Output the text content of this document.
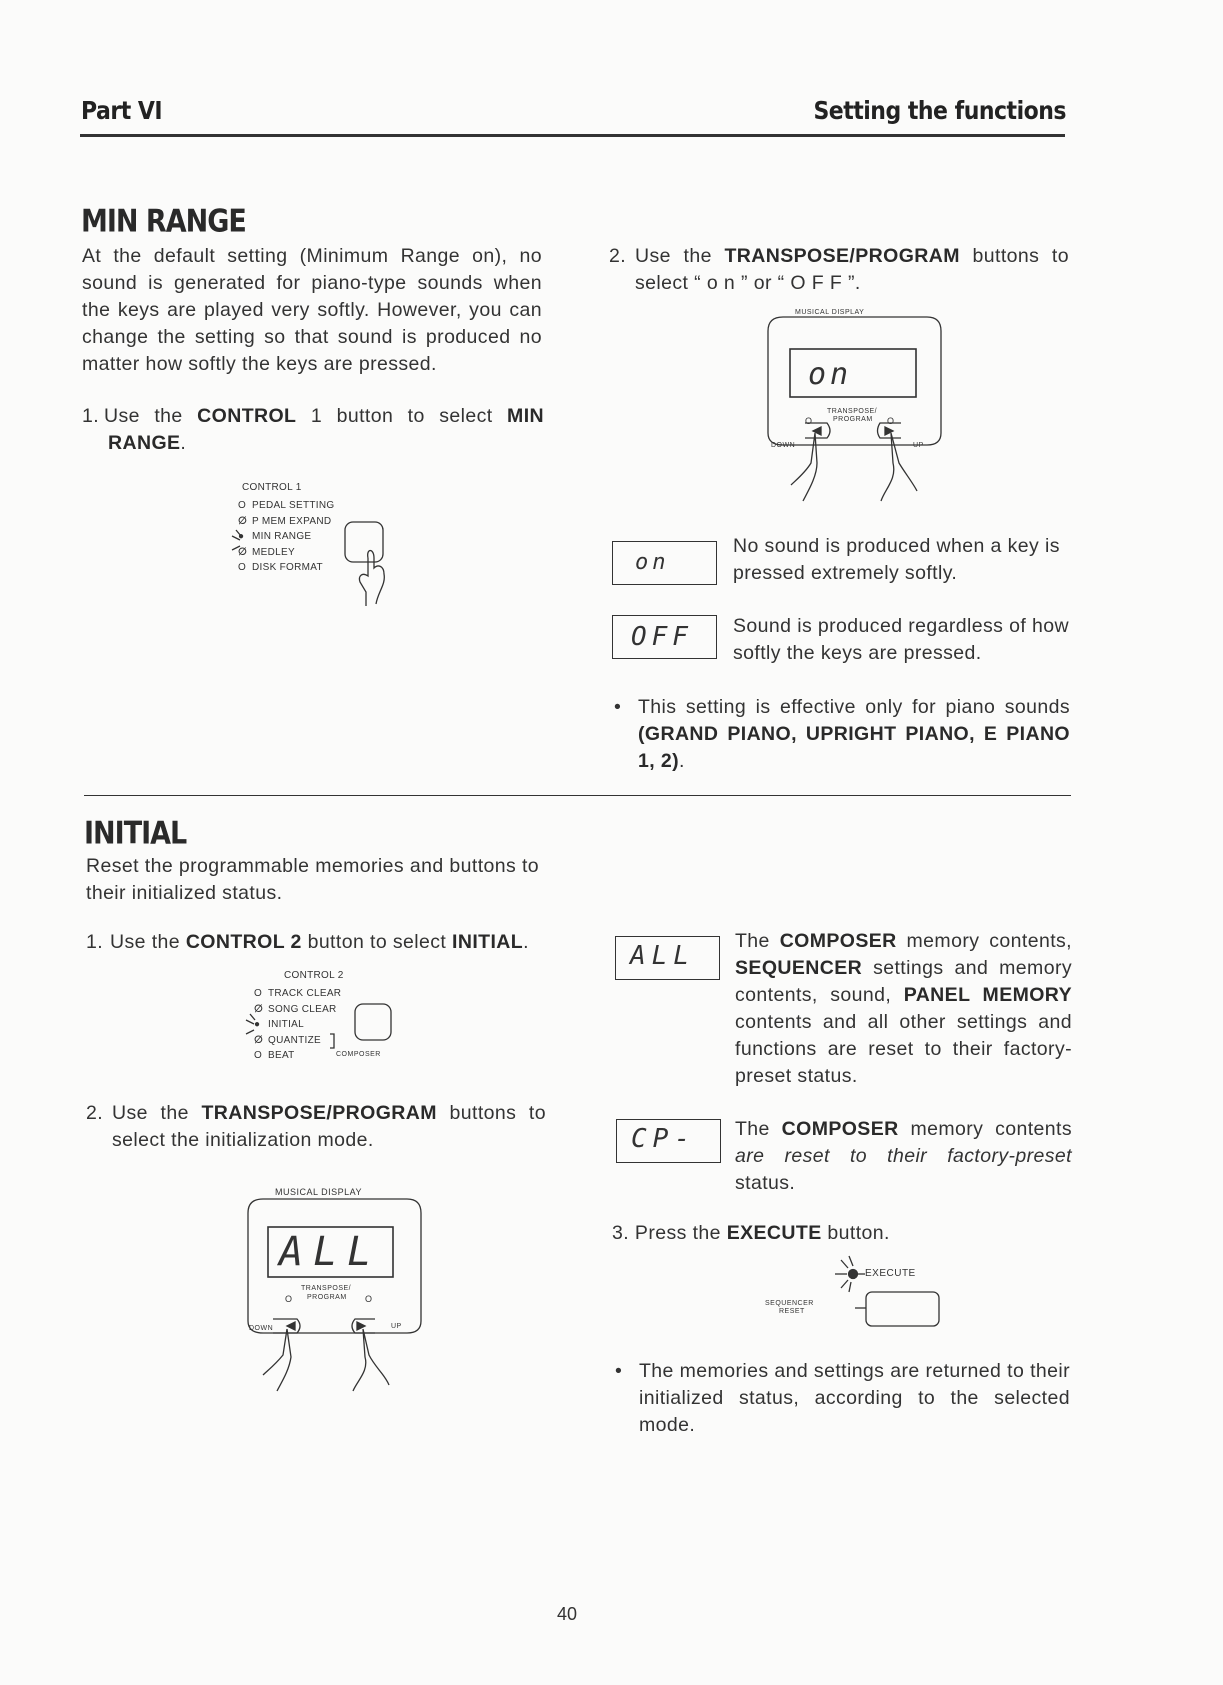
Part VI	Setting the functions
MIN RANGE
At the default setting (Minimum Range on), no sound is generated for piano-type sounds when the keys are played very softly. However, you can change the setting so that sound is produced no matter how softly the keys are pressed.
1. Use the CONTROL 1 button to select MIN
RANGE.
CONTROL 1
O PEDAL SETTING
ⵁ P MEM EXPAND
● MIN RANGE
ⵁ MEDLEY
O DISK FORMAT
2. Use the TRANSPOSE/PROGRAM buttons to select “ o n ” or “ O F F ”.
MUSICAL DISPLAY
on
TRANSPOSE/
O	PROGRAM O
DOWN	UP
on
No sound is produced when a key is pressed extremely softly.
OFF Sound is produced regardless of how softly the keys are pressed.
• This setting is effective only for piano sounds (GRAND PIANO, UPRIGHT PIANO, E PIANO 1, 2).
INITIAL
Reset the programmable memories and buttons to their initialized status.
1. Use the CONTROL 2 button to select INITIAL.
CONTROL 2
O TRACK CLEAR
ⵁ SONG CLEAR
● INITIAL
ⵁ QUANTIZE
O BEAT	COMPOSER
2. Use the TRANSPOSE/PROGRAM buttons to select the initialization mode.
MUSICAL DISPLAY
ALL
TRANSPOSE/
O PROGRAM O
DOWN	UP
ALL The COMPOSER memory contents, SEQUENCER settings and memory contents, sound, PANEL MEMORY contents and all other settings and functions are reset to their factory-preset status.
CP- The COMPOSER memory contents are reset to their factory-preset status.
3. Press the EXECUTE button.
EXECUTE
SEQUENCER
RESET
• The memories and settings are returned to their initialized status, according to the selected mode.
40
